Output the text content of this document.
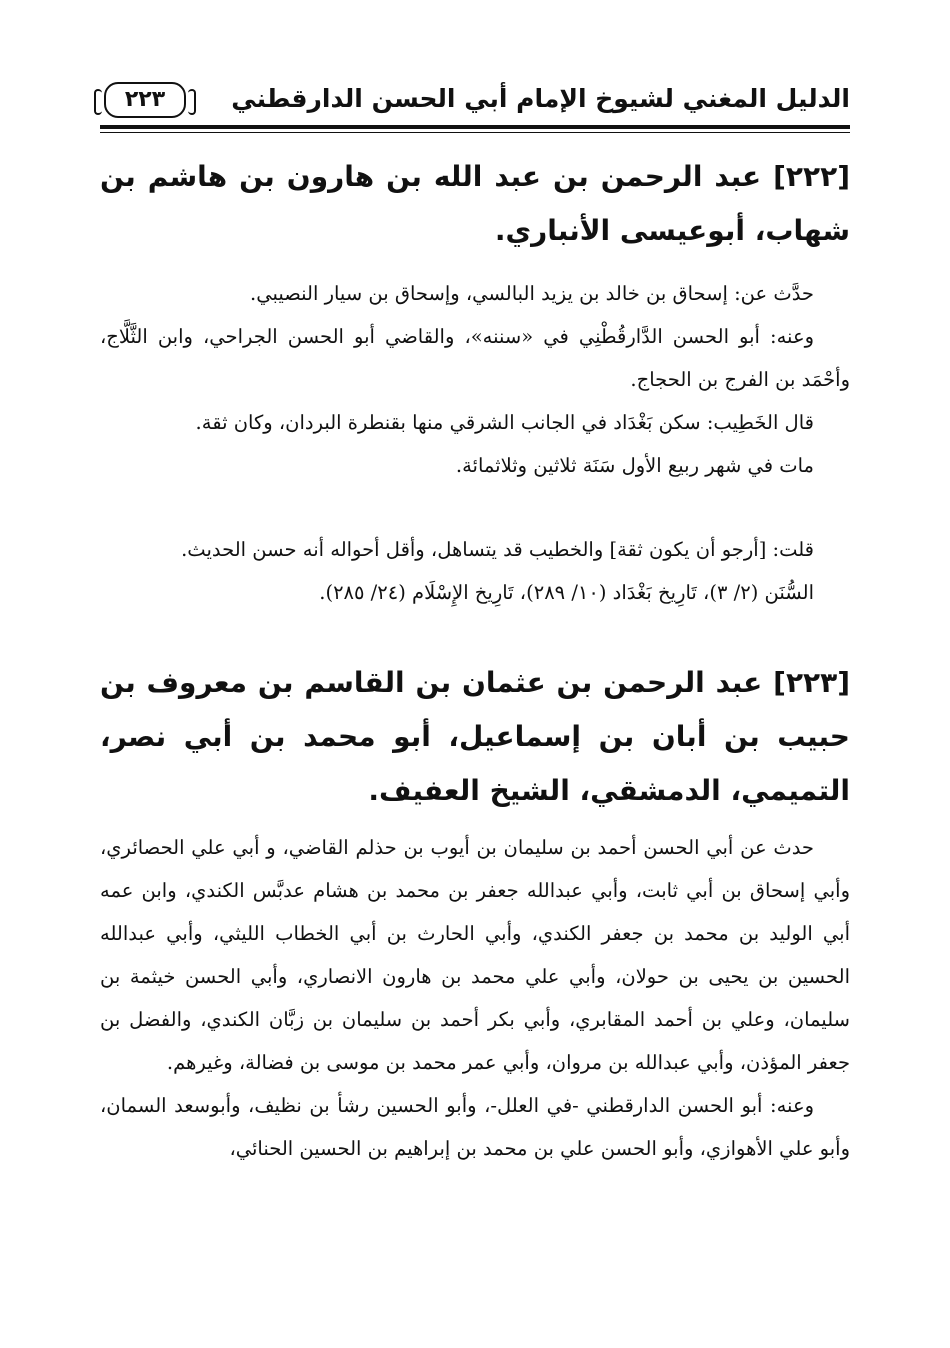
الدليل المغني لشيوخ الإمام أبي الحسن الدارقطني
٢٢٣
[٢٢٢] عبد الرحمن بن عبد الله بن هارون بن هاشم بن شهاب، أبوعيسى الأنباري.

حدَّث عن: إسحاق بن خالد بن يزيد البالسي، وإسحاق بن سيار النصيبي.

وعنه: أبو الحسن الدَّارقُطْنِي في «سننه»، والقاضي أبو الحسن الجراحي، وابن الثَّلَّاج، وأحْمَد بن الفرج بن الحجاج.

قال الخَطِيب: سكن بَغْدَاد في الجانب الشرقي منها بقنطرة البردان، وكان ثقة.

مات في شهر ربيع الأول سَنَة ثلاثين وثلاثمائة.

قلت: [أرجو أن يكون ثقة] والخطيب قد يتساهل، وأقل أحواله أنه حسن الحديث.

السُّنَن (٢/ ٣)، تَارِيخ بَغْدَاد (١٠/ ٢٨٩)، تَارِيخ الإِسْلَام (٢٤/ ٢٨٥).

[٢٢٣] عبد الرحمن بن عثمان بن القاسم بن معروف بن حبيب بن أبان بن إسماعيل، أبو محمد بن أبي نصر، التميمي، الدمشقي، الشيخ العفيف.

حدث عن أبي الحسن أحمد بن سليمان بن أيوب بن حذلم القاضي، و أبي علي الحصائري، وأبي إسحاق بن أبي ثابت، وأبي عبدالله جعفر بن محمد بن هشام عدبَّس الكندي، وابن عمه أبي الوليد بن محمد بن جعفر الكندي، وأبي الحارث بن أبي الخطاب الليثي، وأبي عبدالله الحسين بن يحيى بن حولان، وأبي علي محمد بن هارون الانصاري، وأبي الحسن خيثمة بن سليمان، وعلي بن أحمد المقابري، وأبي بكر أحمد بن سليمان بن زبَّان الكندي، والفضل بن جعفر المؤذن، وأبي عبدالله بن مروان، وأبي عمر محمد بن موسى بن فضالة، وغيرهم.

وعنه: أبو الحسن الدارقطني -في العلل-، وأبو الحسين رشأ بن نظيف، وأبوسعد السمان، وأبو علي الأهوازي، وأبو الحسن علي بن محمد بن إبراهيم بن الحسين الحنائي،
